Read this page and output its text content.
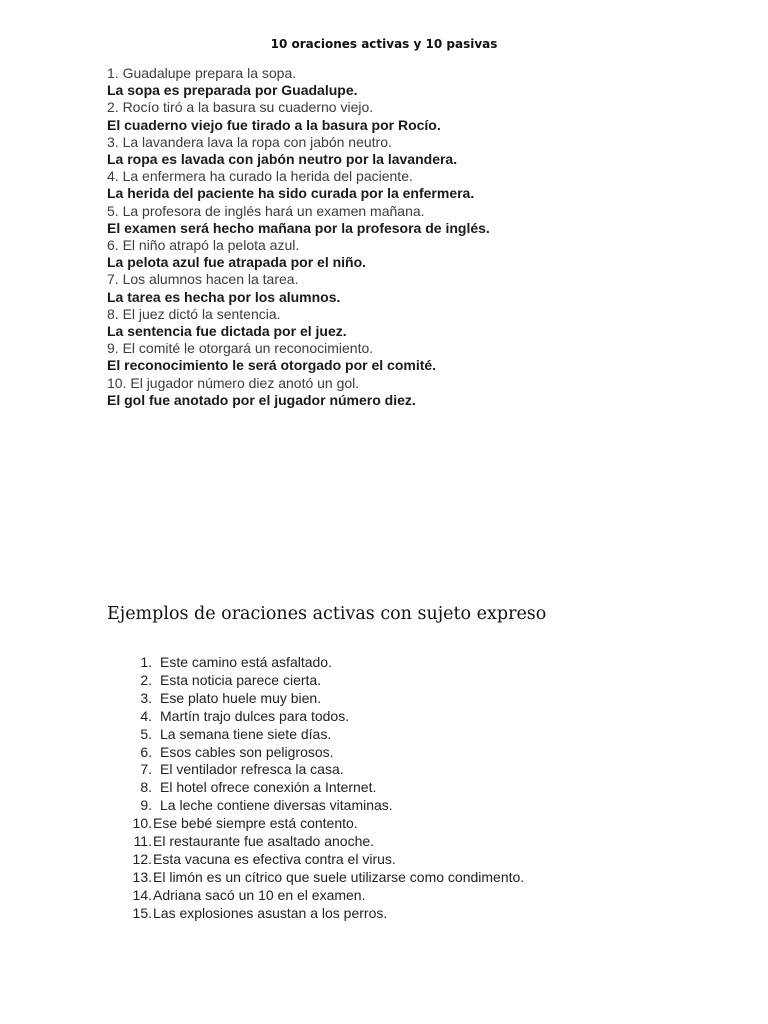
10 oraciones activas y 10 pasivas
1. Guadalupe prepara la sopa.
La sopa es preparada por Guadalupe.
2. Rocío tiró a la basura su cuaderno viejo.
El cuaderno viejo fue tirado a la basura por Rocío.
3. La lavandera lava la ropa con jabón neutro.
La ropa es lavada con jabón neutro por la lavandera.
4. La enfermera ha curado la herida del paciente.
La herida del paciente ha sido curada por la enfermera.
5. La profesora de inglés hará un examen mañana.
El examen será hecho mañana por la profesora de inglés.
6. El niño atrapó la pelota azul.
La pelota azul fue atrapada por el niño.
7. Los alumnos hacen la tarea.
La tarea es hecha por los alumnos.
8. El juez dictó la sentencia.
La sentencia fue dictada por el juez.
9. El comité le otorgará un reconocimiento.
El reconocimiento le será otorgado por el comité.
10. El jugador número diez anotó un gol.
El gol fue anotado por el jugador número diez.
Ejemplos de oraciones activas con sujeto expreso
1. Este camino está asfaltado.
2. Esta noticia parece cierta.
3. Ese plato huele muy bien.
4. Martín trajo dulces para todos.
5. La semana tiene siete días.
6. Esos cables son peligrosos.
7. El ventilador refresca la casa.
8. El hotel ofrece conexión a Internet.
9. La leche contiene diversas vitaminas.
10. Ese bebé siempre está contento.
11. El restaurante fue asaltado anoche.
12. Esta vacuna es efectiva contra el virus.
13. El limón es un cítrico que suele utilizarse como condimento.
14. Adriana sacó un 10 en el examen.
15. Las explosiones asustan a los perros.
